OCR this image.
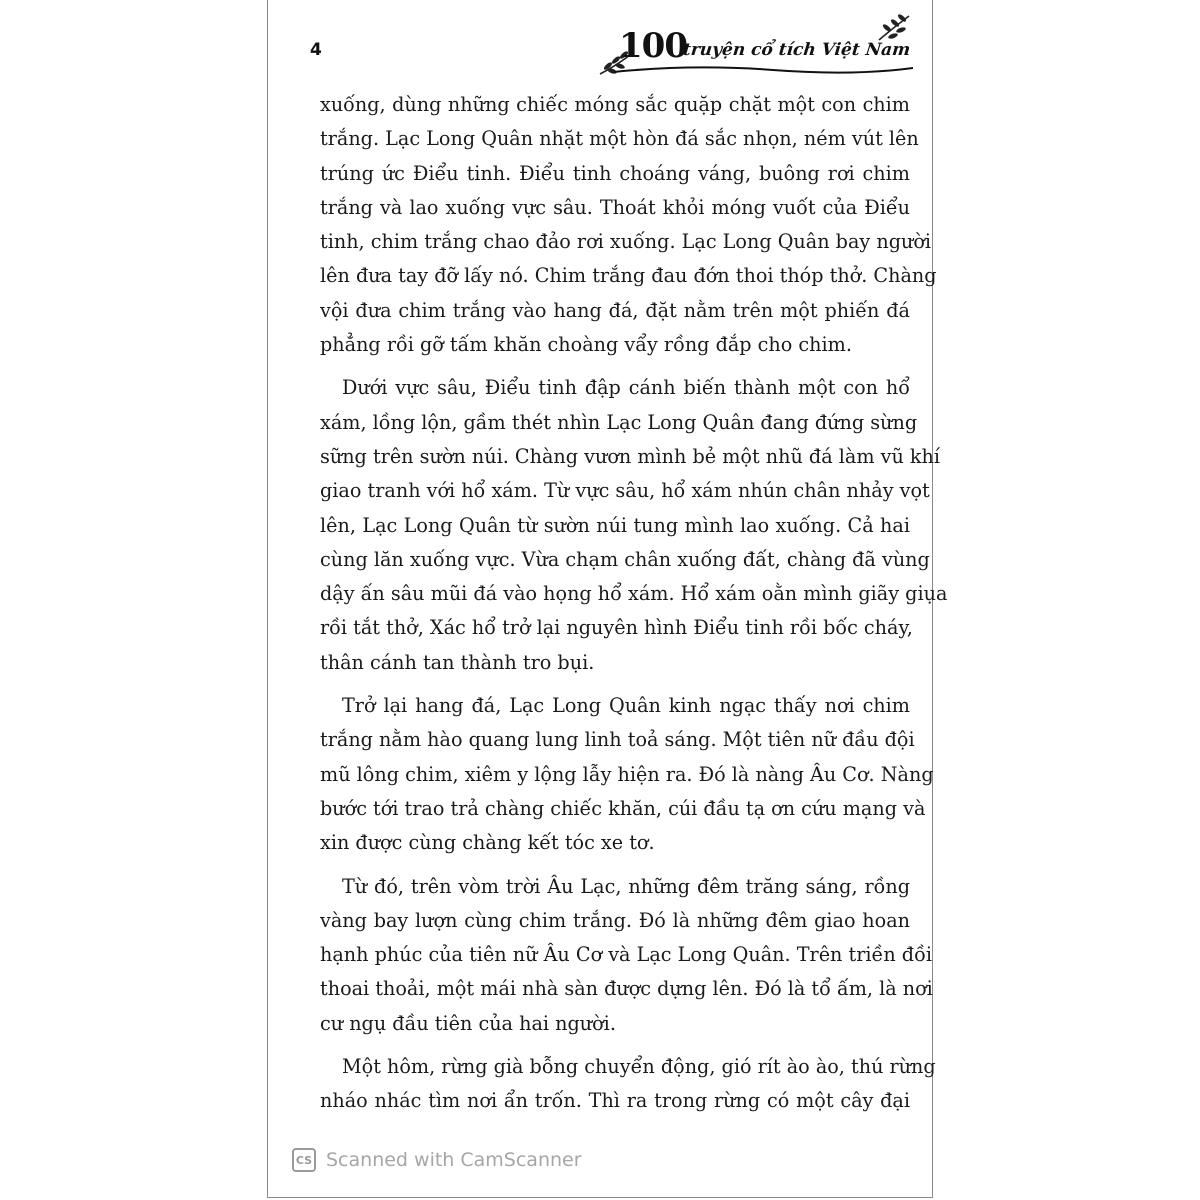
4	100
truyện cổ tích Việt Nam
xuống, dùng những chiếc móng sắc quặp chặt một con chim
trắng. Lạc Long Quân nhặt một hòn đá sắc nhọn, ném vút lên
trúng ức Điểu tinh. Điểu tinh choáng váng, buông rơi chim
trắng và lao xuống vực sâu. Thoát khỏi móng vuốt của Điểu
tinh, chim trắng chao đảo rơi xuống. Lạc Long Quân bay người
lên đưa tay đỡ lấy nó. Chim trắng đau đớn thoi thóp thở. Chàng
vội đưa chim trắng vào hang đá, đặt nằm trên một phiến đá
phẳng rồi gỡ tấm khăn choàng vẩy rồng đắp cho chim.
Dưới vực sâu, Điểu tinh đập cánh biến thành một con hổ
xám, lồng lộn, gầm thét nhìn Lạc Long Quân đang đứng sừng
sững trên sườn núi. Chàng vươn mình bẻ một nhũ đá làm vũ khí
giao tranh với hổ xám. Từ vực sâu, hổ xám nhún chân nhảy vọt
lên, Lạc Long Quân từ sườn núi tung mình lao xuống. Cả hai
cùng lăn xuống vực. Vừa chạm chân xuống đất, chàng đã vùng
dậy ấn sâu mũi đá vào họng hổ xám. Hổ xám oằn mình giãy giụa
rồi tắt thở, Xác hổ trở lại nguyên hình Điểu tinh rồi bốc cháy,
thân cánh tan thành tro bụi.
Trở lại hang đá, Lạc Long Quân kinh ngạc thấy nơi chim
trắng nằm hào quang lung linh toả sáng. Một tiên nữ đầu đội
mũ lông chim, xiêm y lộng lẫy hiện ra. Đó là nàng Âu Cơ. Nàng
bước tới trao trả chàng chiếc khăn, cúi đầu tạ ơn cứu mạng và
xin được cùng chàng kết tóc xe tơ.
Từ đó, trên vòm trời Âu Lạc, những đêm trăng sáng, rồng
vàng bay lượn cùng chim trắng. Đó là những đêm giao hoan
hạnh phúc của tiên nữ Âu Cơ và Lạc Long Quân. Trên triền đồi
thoai thoải, một mái nhà sàn được dựng lên. Đó là tổ ấm, là nơi
cư ngụ đầu tiên của hai người.
Một hôm, rừng già bỗng chuyển động, gió rít ào ào, thú rừng
nháo nhác tìm nơi ẩn trốn. Thì ra trong rừng có một cây đại
CS Scanned with CamScanner
